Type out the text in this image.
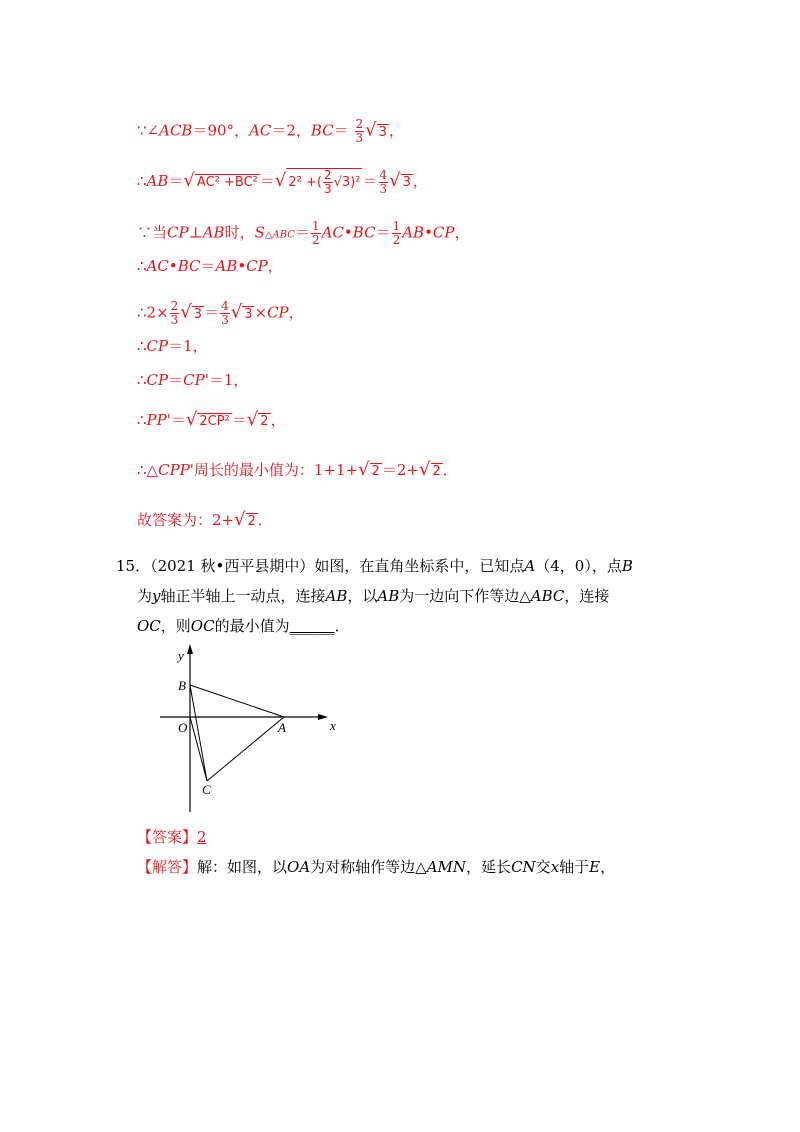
∵∠ACB＝90°，AC＝2，$BC= \frac{2}{3}$ √ 3 ，
∴AB＝√ AC² +BC² ＝√ 2² +( $\frac{2}{3} √3)^2 = \frac{4}{3}$ √ 3 ，
∵当CP⊥AB时，S△ABC＝ $\frac{1}{2}$ AC•BC＝ $\frac{1}{2}$ AB•CP，
∴AC•BC＝AB•CP，
∴2× $\frac{2}{3}$ √ $3 = \frac{4}{3}$ √ 3 ×CP，
∴CP＝1，
∴CP＝CP'＝1，
∴PP'＝√ 2CP² ＝√ 2 ，
∴△CPP'周长的最小值为：1+1+√ 2 ＝2+√ 2 ．
故答案为：2+√ 2 ．
15．（2021 秋•西平县期中）如图，在直角坐标系中，已知点A（4，0），点B
为y轴正半轴上一动点，连接AB，以AB为一边向下作等边△ABC，连接
OC，则OC的最小值为______．
y
x
B
O	A
C
【答案】2
【解答】解：如图，以OA为对称轴作等边△AMN，延长CN交x轴于E，
